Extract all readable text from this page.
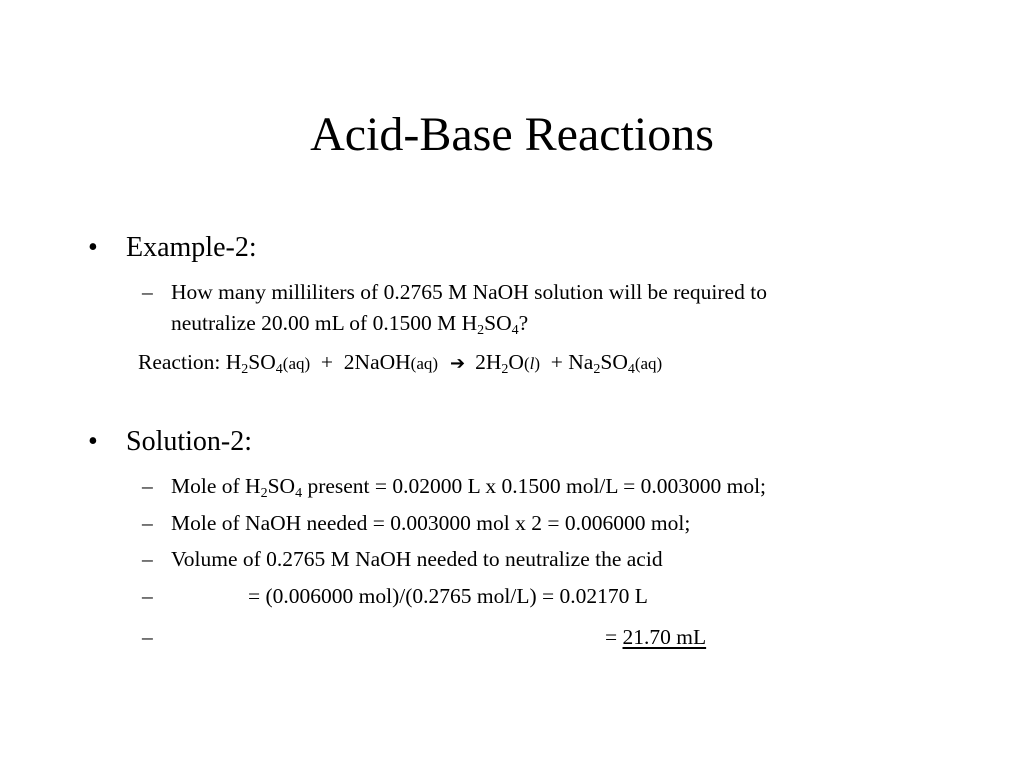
Acid-Base Reactions
• Example-2:
– How many milliliters of 0.2765 M NaOH solution will be required to
neutralize 20.00 mL of 0.1500 M $H_2SO_4$?
Reaction: $H_2SO_4(aq)$ + 2NaOH(aq) ➔ $2H_2O(l) + Na_2SO_4(aq)$
• Solution-2:
– Mole of $H_2SO_4$ present = 0.02000 L x 0.1500 mol/L = 0.003000 mol;
– Mole of NaOH needed = 0.003000 mol x 2 = 0.006000 mol;
– Volume of 0.2765 M NaOH needed to neutralize the acid
–	= (0.006000 mol)/(0.2765 mol/L) = 0.02170 L
–	= 21.70 mL
